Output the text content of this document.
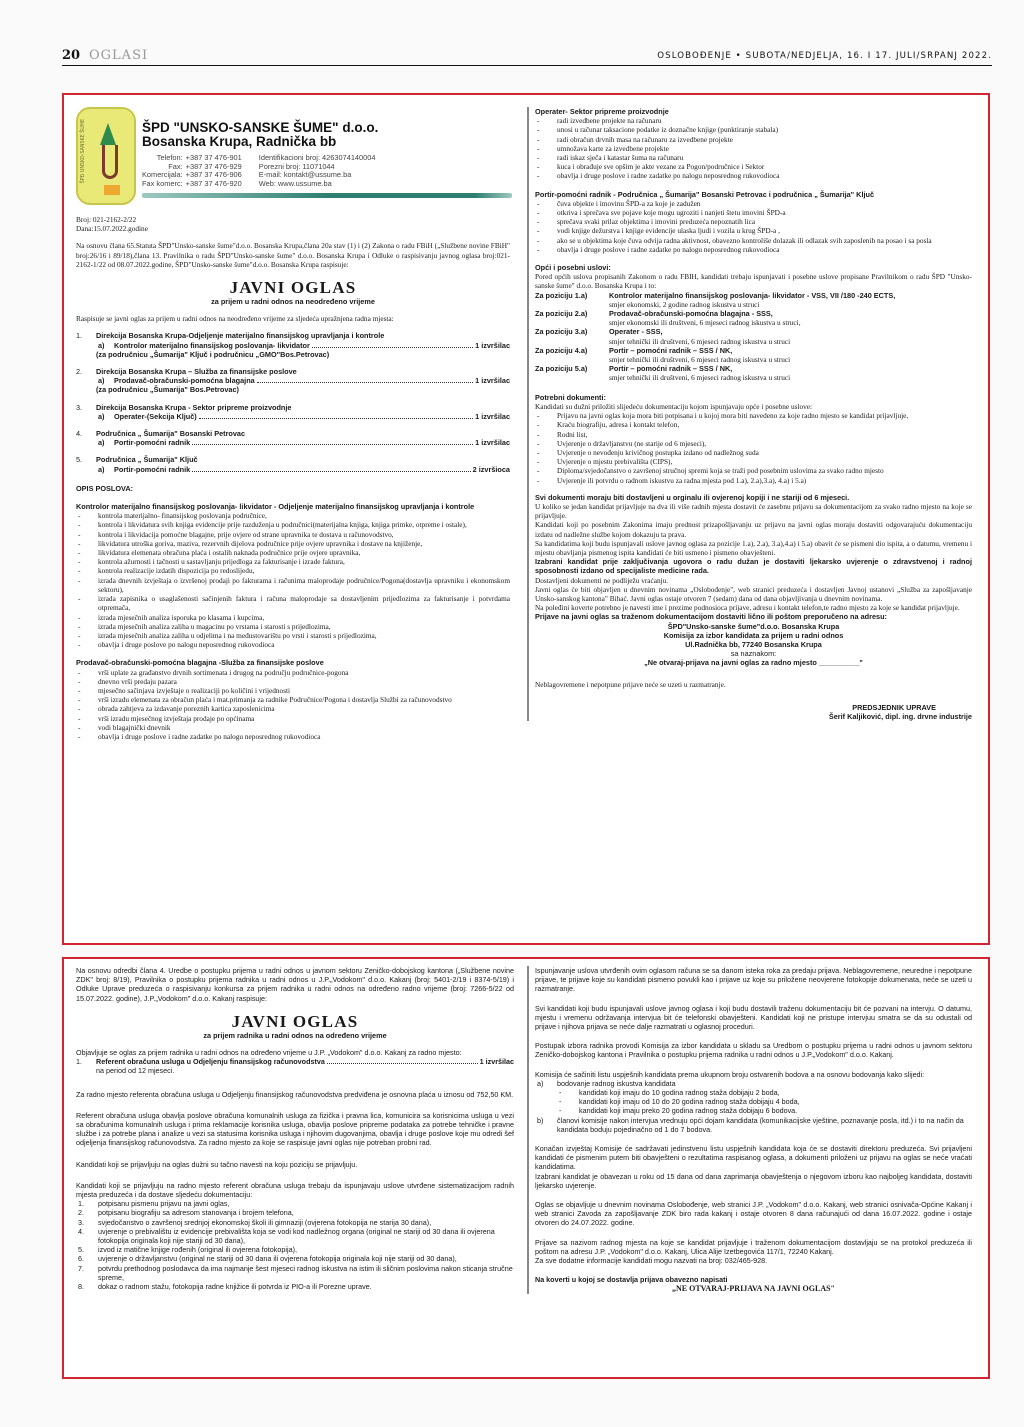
20 OGLASI	OSLOBOĐENJE • SUBOTA/NEDJELJA, 16. I 17. JULI/SRPANJ 2022.
ŠPD UNSKO-SANSKE ŠUME	ŠPD "UNSKO-SANSKE ŠUME" d.o.o.
Bosanska Krupa, Radnička bb
Telefon:	+387 37 476-901		Identifikacioni broj: 4263074140004
Fax:	+387 37 476-929		Porezni broj: 11071044
Komercijala:	+387 37 476-906		E-mail: kontakt@ussume.ba
Fax komerc:	+387 37 476-920		Web: www.ussume.ba
Broj: 021-2162-2/22
Dana:15.07.2022.godine
Na osnovu člana 65.Statuta ŠPD"Unsko-sanske šume"d.o.o. Bosanska Krupa,člana 20a stav (1) i (2) Zakona o radu FBiH („Službene novine FBiH" broj:26/16 i 89/18),člana 13. Pravilnika o radu ŠPD"Unsko-sanske šume" d.o.o. Bosanska Krupa i Odluke o raspisivanju javnog oglasa broj:021-2162-1/22 od 08.07.2022.godine, ŠPD"Unsko-sanske šume"d.o.o. Bosanska Krupa raspisuje:
JAVNI OGLAS
za prijem u radni odnos na neodređeno vrijeme
Raspisuje se javni oglas za prijem u radni odnos na neodređeno vrijeme za sljedeća upražnjena radna mjesta:
1.	Direkcija Bosanska Krupa-Odjeljenje materijalno finansijskog upravljanja i kontrole
a) Kontrolor materijalno finansijskog poslovanja- likvidator	1 izvršilac
(za područnicu „Šumarija" Ključ i područnicu „GMO"Bos.Petrovac)
2.	Direkcija Bosanska Krupa – Služba za finansijske poslove
a) Prodavač-obračunski-pomoćna blagajna	1 izvršilac
(za područnicu „Šumarija" Bos.Petrovac)
3.	Direkcija Bosanska Krupa - Sektor pripreme proizvodnje
a) Operater-(Sekcija Ključ)	1 izvršilac
4.	Područnica „ Šumarija" Bosanski Petrovac
a) Portir-pomoćni radnik	1 izvršilac
5.	Područnica „ Šumarija" Ključ
a) Portir-pomoćni radnik	2 izvršioca
OPIS POSLOVA:
Kontrolor materijalno finansijskog poslovanja- likvidator - Odjeljenje materijalno finansijskog upravljanja i kontrole
- kontrola materijalno- finansijskog poslovanja područnice,
- kontrola i likvidatura svih knjiga evidencije prije razduženja u područnici(materijalna knjiga, knjiga primke, otpreme i ostale),
- kontrola i likvidacija pomoćne blagajne, prije ovjere od strane upravnika te dostava u računovodstvo,
- likvidatura utroška goriva, maziva, rezervnih dijelova područnice prije ovjere upravnika i dostave na knjiženje,
- likvidatura elemenata obračuna plaća i ostalih naknada područnice prije ovjere upravnika,
- kontrola ažurnosti i tačnosti u sastavljanju prijedloga za fakturisanje i izrade faktura,
- kontrola realizacije izdatih dispozicija po redoslijedu,
- izrada dnevnih izvještaja o izvršenoj prodaji po fakturama i računima maloprodaje područnice/Pogona(dostavlja upravniku i ekonomskom sektoru),
- izrada zapisnika o usaglašenosti sačinjenih faktura i računa maloprodaje sa dostavljenim prijedlozima za fakturisanje i potvrdama otpremača,
- izrada mjesečnih analiza isporuka po klasama i kupcima,
- izrada mjesečnih analiza zaliha u magacinu po vrstama i starosti s prijedlozima,
- izrada mjesečnih analiza zaliha u odjelima i na međustovarištu po vrsti i starosti s prijedlozima,
- obavlja i druge poslove po nalogu neposrednog rukovodioca
Prodavač-obračunski-pomoćna blagajna -Služba za finansijske poslove
- vrši uplate za građanstvo drvnih sortimenata i drugog na području područnice-pogona
- dnevno vrši predaju pazara
- mjesečno sačinjava izvještaje o realizaciji po količini i vrijednosti
- vrši izradu elemenata za obračun plaća i mat.primanja za radnike Područnice/Pogona i dostavlja Službi za računovodstvo
- obrada zahtjeva za izdavanje poreznih kartica zaposlenicima
- vrši izradu mjesečnog izvještaja prodaje po općinama
- vodi blagajnički dnevnik
- obavlja i druge poslove i radne zadatke po nalogu neposrednog rukovodioca
Operater- Sektor pripreme proizvodnje
- radi izvedbene projekte na računaru
- unosi u računar taksacione podatke iz doznačne knjige (punktiranje stabala)
- radi obračun drvnih masa na računaru za izvedbene projekte
- umnožava karte za izvedbene projekte
- radi iskaz sječa i katastar šuma na računaru
- kuca i obrađuje sve opšim je akte vezane za Pogon/područnice i Sektor
- obavlja i druge poslove i radne zadatke po nalogu neposrednog rukovodioca
Portir-pomoćni radnik - Područnica „ Šumarija" Bosanski Petrovac i područnica „ Šumarija" Ključ
- čuva objekte i imovinu ŠPD-a za koje je zadužen
- otkriva i sprečava sve pojave koje mogu ugroziti i nanjeti štetu imovini ŠPD-a
- sprečava svaki prilaz objektima i imovini preduzeća nepoznatih lica
- vodi knjige dežurstva i knjige evidencije ulaska ljudi i vozila u krug ŠPD-a ,
- ako se u objektima koje čuva odvija radna aktivnost, obavezno kontroliše dolazak ili odlazak svih zaposlenih na posao i sa posla
- obavlja i druge poslove i radne zadatke po nalogu neposrednog rukovodioca
Opći i posebni uslovi:
Pored općih uslova propisanih Zakonom o radu FBIH, kandidati trebaju ispunjavati i posebne uslove propisane Pravilnikom o radu ŠPD "Unsko-sanske šume" d.o.o. Bosanska Krupa i to:
Za poziciju 1.a)	Kontrolor materijalno finansijskog poslovanja- likvidator - VSS, VII /180 -240 ECTS,
smjer ekonomski, 2 godine radnog iskustva u struci
Za poziciju 2.a)	Prodavač-obračunski-pomoćna blagajna - SSS,
smjer ekonomski ili društveni, 6 mjeseci radnog iskustva u struci,
Za poziciju 3.a)	Operater - SSS,
smjer tehnički ili društveni, 6 mjeseci radnog iskustva u struci
Za poziciju 4.a)	Portir – pomoćni radnik – SSS / NK,
smjer tehnički ili društveni, 6 mjeseci radnog iskustva u struci
Za poziciju 5.a)	Portir – pomoćni radnik – SSS / NK,
smjer tehnički ili društveni, 6 mjeseci radnog iskustva u struci
Potrebni dokumenti:
Kandidati su dužni priložiti slijedeću dokumentaciju kojom ispunjavaju opće i posebne uslove:
- Prijavu na javni oglas koja mora biti potpisana i u kojoj mora biti navedeno za koje radno mjesto se kandidat prijavljuje,
- Kraću biografiju, adresa i kontakt telefon,
- Rodni list,
- Uvjerenje o državljanstvu (ne starije od 6 mjeseci),
- Uvjerenje o nevođenju krivičnog postupka izdano od nadležnog suda
- Uvjerenje o mjestu prebivališta (CIPS),
- Diploma/svjedočanstvo o završenoj stručnoj spremi koja se traži pod posebnim uslovima za svako radno mjesto
- Uvjerenje ili potvrdu o radnom iskustvu za radna mjesta pod 1.a), 2.a),3.a), 4.a) i 5.a)
Svi dokumenti moraju biti dostavljeni u orginalu ili ovjerenoj kopiji i ne stariji od 6 mjeseci.
U koliko se jedan kandidat prijavljuje na dva ili više radnih mjesta dostavit će zasebnu prijavu sa dokumentacijom za svako radno mjesto na koje se prijavljuje.
Kandidati koji po posebnim Zakonima imaju prednost prizapošljavanju uz prijavu na javni oglas moraju dostaviti odgovarajuću dokumentaciju izdatu od nadležne službe kojom dokazuju ta prava.
Sa kandidatima koji budu ispunjavali uslove javnog oglasa za pozicije 1.a), 2.a), 3.a),4.a) i 5.a) obavit će se pismeni dio ispita, a o datumu, vremenu i mjestu obavljanja pismenog ispita kandidati će biti usmeno i pismeno obavješteni.
Izabrani kandidat prije zaključivanja ugovora o radu dužan je dostaviti ljekarsko uvjerenje o zdravstvenoj i radnoj sposobnosti izdano od specijaliste medicine rada.
Dostavljeni dokumenti ne podliježu vraćanju.
Javni oglas će biti objavljen u dnevnim novinama „Oslobođenje", web stranici preduzeća i dostavljen Javnoj ustanovi „Služba za zapošljavanje Unsko-sanskog kantona" Bihać. Javni oglas ostaje otvoren 7 (sedam) dana od dana objavljivanja u dnevnim novinama.
Na poleđini koverte potrebno je navesti ime i prezime podnosioca prijave, adresu i kontakt telefon,te radno mjesto za koje se kandidat prijavljuje.
Prijave na javni oglas sa traženom dokumentacijom dostaviti lično ili poštom preporučeno na adresu:
ŠPD"Unsko-sanske šume"d.o.o. Bosanska Krupa
Komisija za izbor kandidata za prijem u radni odnos
Ul.Radnička bb, 77240 Bosanska Krupa
sa naznakom:
„Ne otvaraj-prijava na javni oglas za radno mjesto __________"
Neblagovremene i nepotpune prijave neće se uzeti u razmatranje.
PREDSJEDNIK UPRAVE
Šerif Kaljiković, dipl. ing. drvne industrije
Na osnovu odredbi člana 4. Uredbe o postupku prijema u radni odnos u javnom sektoru Zeničko-dobojskog kantona („Službene novine ZDK" broj: 8/19), Pravilnika o postupku prijema radnika u radni odnos u J.P.„Vodokom" d.o.o. Kakanj (broj: 5401-2/19 i 8374-5/19) i Odluke Uprave preduzeća o raspisivanju konkursa za prijem radnika u radni odnos na određeno radno vrijeme (broj: 7266-5/22 od 15.07.2022. godine), J.P.„Vodokom" d.o.o. Kakanj raspisuje:
JAVNI OGLAS
za prijem radnika u radni odnos na određeno vrijeme
Objavljuje se oglas za prijem radnika u radni odnos na određeno vrijeme u J.P. „Vodokom" d.o.o. Kakanj za radno mjesto:
1.	Referent obračuna usluga u Odjeljenju finansijskog računovodstva	1 izvršilac
na period od 12 mjeseci.
Za radno mjesto referenta obračuna usluga u Odjeljenju finansijskog računovodstva predviđena je osnovna plaća u iznosu od 752,50 KM.
Referent obračuna usluga obavlja poslove obračuna komunalnih usluga za fizička i pravna lica, komunicira sa korisnicima usluga u vezi sa obračunima komunalnih usluga i prima reklamacije korisnika usluga, obavlja poslove pripreme podataka za potrebe tehničke i pravne službe i za potrebe plana i analize u vezi sa statusima korisnika usluga i njihovim dugovanjima, obavlja i druge poslove koje mu odredi šef odjeljenja finansijskog računovodstva. Za radno mjesto za koje se raspisuje javni oglas nije potreban probni rad.
Kandidati koji se prijavljuju na oglas dužni su tačno navesti na koju poziciju se prijavljuju.
Kandidati koji se prijavljuju na radno mjesto referent obračuna usluga trebaju da ispunjavaju uslove utvrđene sistematizacijom radnih mjesta preduzeća i da dostave sljedeću dokumentaciju:
1. potpisanu pismenu prijavu na javni oglas,
2. potpisanu biografiju sa adresom stanovanja i brojem telefona,
3. svjedočanstvo o završenoj srednjoj ekonomskoj školi ili gimnaziji (ovjerena fotokopija ne starija 30 dana),
4. uvjerenje o prebivalištu iz evidencije prebivališta koja se vodi kod nadležnog organa (original ne stariji od 30 dana ili ovjerena fotokopija originala koji nije stariji od 30 dana),
5. izvod iz matične knjige rođenih (original ili ovjerena fotokopija),
6. uvjerenje o državljanstvu (original ne stariji od 30 dana ili ovjerena fotokopija originala koji nije stariji od 30 dana),
7. potvrdu prethodnog poslodavca da ima najmanje šest mjeseci radnog iskustva na istim ili sličnim poslovima nakon sticanja stručne spreme,
8. dokaz o radnom stažu, fotokopija radne knjižice ili potvrda iz PIO-a ili Porezne uprave.
Ispunjavanje uslova utvrđenih ovim oglasom računa se sa danom isteka roka za predaju prijava. Neblagovremene, neuredne i nepotpune prijave, te prijave koje su kandidati pismeno povukli kao i prijave uz koje su priložene neovjerene fotokopije dokumenata, neće se uzeti u razmatranje.
Svi kandidati koji budu ispunjavali uslove javnog oglasa i koji budu dostavili traženu dokumentaciju bit će pozvani na intervju. O datumu, mjestu i vremenu održavanja intervjua bit će telefonski obavješteni. Kandidati koji ne pristupe intervjuu smatra se da su odustali od prijave i njihova prijava se neće dalje razmatrati u oglasnoj proceduri.
Postupak izbora radnika provodi Komisija za izbor kandidata u skladu sa Uredbom o postupku prijema u radni odnos u javnom sektoru Zeničko-dobojskog kantona i Pravilnika o postupku prijema radnika u radni odnos u J.P.„Vodokom" d.o.o. Kakanj.
Komisija će sačiniti listu uspješnih kandidata prema ukupnom broju ostvarenih bodova a na osnovu bodovanja kako slijedi:
a) bodovanje radnog iskustva kandidata
- kandidati koji imaju do 10 godina radnog staža dobijaju 2 boda,
- kandidati koji imaju od 10 do 20 godina radnog staža dobijaju 4 boda,
- kandidati koji imaju preko 20 godina radnog staža dobijaju 6 bodova.
b) članovi komisije nakon intervjua vrednuju opći dojam kandidata (komunikacijske vještine, poznavanje posla, itd.) i to na način da kandidata boduju pojedinačno od 1 do 7 bodova.
Konačan izvještaj Komisije će sadržavati jedinstvenu listu uspješnih kandidata koja će se dostaviti direktoru preduzeća. Svi prijavljeni kandidati će pismenim putem biti obavješteni o rezultatima raspisanog oglasa, a dokumenti priloženi uz prijavu na oglas se neće vraćati kandidatima.
Izabrani kandidat je obavezan u roku od 15 dana od dana zaprimanja obavještenja o njegovom izboru kao najboljeg kandidata, dostaviti ljekarsko uvjerenje.
Oglas se objavljuje u dnevnim novinama Oslobođenje, web stranici J.P. „Vodokom" d.o.o. Kakanj, web stranici osnivača-Općine Kakanj i web stranici Zavoda za zapošljavanje ZDK biro rada kakanj i ostaje otvoren 8 dana računajući od dana 16.07.2022. godine i ostaje otvoren do 24.07.2022. godine.
Prijave sa nazivom radnog mjesta na koje se kandidat prijavljuje i traženom dokumentacijom dostavljaju se na protokol preduzeća ili poštom na adresu J.P. „Vodokom" d.o.o. Kakanj, Ulica Alije Izetbegovića 117/1, 72240 Kakanj.
Za sve dodatne informacije kandidati mogu nazvati na broj: 032/465-928.
Na koverti u kojoj se dostavlja prijava obavezno napisati
„NE OTVARAJ-PRIJAVA NA JAVNI OGLAS"
